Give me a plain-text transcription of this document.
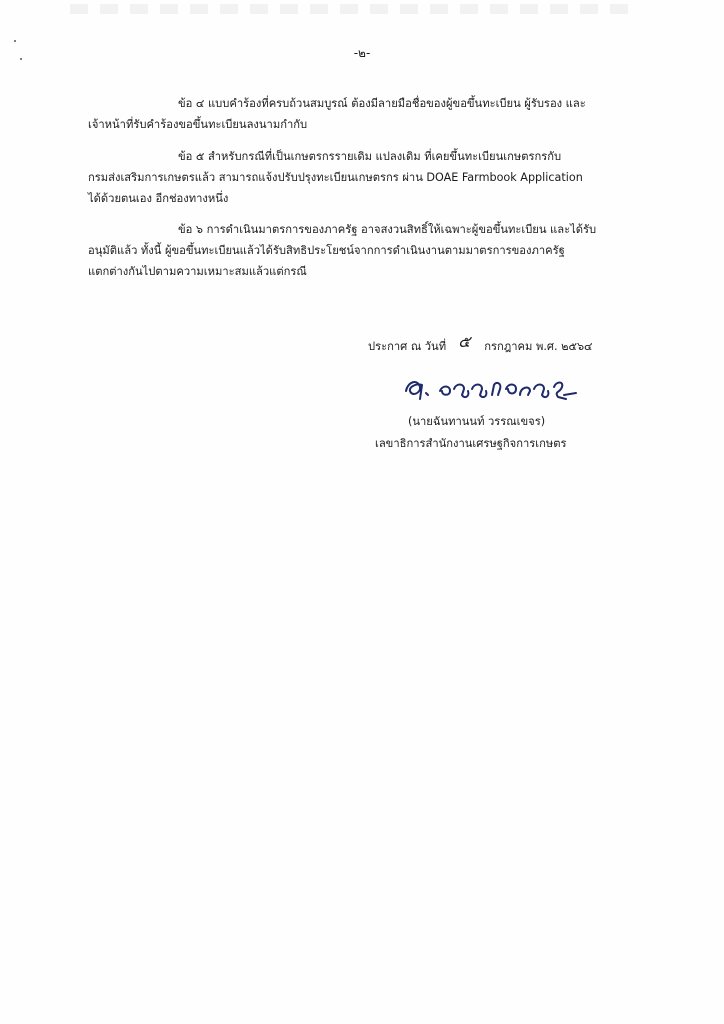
-๒-

ข้อ ๔ แบบคำร้องที่ครบถ้วนสมบูรณ์ ต้องมีลายมือชื่อของผู้ขอขึ้นทะเบียน ผู้รับรอง และ
เจ้าหน้าที่รับคำร้องขอขึ้นทะเบียนลงนามกำกับ

ข้อ ๕ สำหรับกรณีที่เป็นเกษตรกรรายเดิม แปลงเดิม ที่เคยขึ้นทะเบียนเกษตรกรกับ
กรมส่งเสริมการเกษตรแล้ว สามารถแจ้งปรับปรุงทะเบียนเกษตรกร ผ่าน DOAE Farmbook Application
ได้ด้วยตนเอง อีกช่องทางหนึ่ง

ข้อ ๖ การดำเนินมาตรการของภาครัฐ อาจสงวนสิทธิ์ให้เฉพาะผู้ขอขึ้นทะเบียน และได้รับ
อนุมัติแล้ว ทั้งนี้ ผู้ขอขึ้นทะเบียนแล้วได้รับสิทธิประโยชน์จากการดำเนินงานตามมาตรการของภาครัฐ
แตกต่างกันไปตามความเหมาะสมแล้วแต่กรณี

ประกาศ ณ วันที่ ๕ กรกฎาคม พ.ศ. ๒๕๖๔
(นายฉันทานนท์ วรรณเขจร)
เลขาธิการสำนักงานเศรษฐกิจการเกษตร
